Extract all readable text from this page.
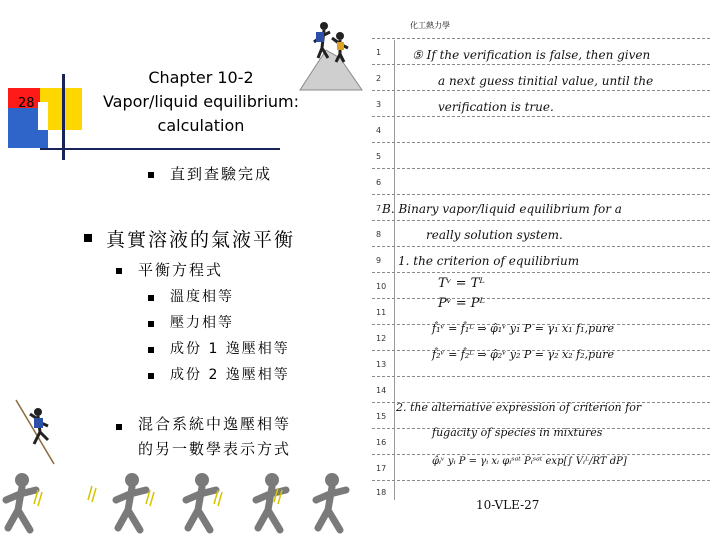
28
Chapter 10-2
Vapor/liquid equilibrium:
calculation
直到查驗完成
真實溶液的氣液平衡
平衡方程式
溫度相等
壓力相等
成份 1 逸壓相等
成份 2 逸壓相等
混合系統中逸壓相等
的另一數學表示方式
化工熱力學
1
2
3
4
5
6
7
8
9
10
11
12
13
14
15
16
17
18
⑤ If the verification is false, then given
a next guess tinitial value, until the
verification is true.
B. Binary vapor/liquid equilibrium for a
really solution system.
1. the criterion of equilibrium
Tᵛ = Tᴸ
Pᵛ = Pᴸ
f̂₁ᵛ = f̂₁ᴸ ⇒ φ̂₁ᵛ y₁ P = γ₁ x₁ f₁,pure
f̂₂ᵛ = f̂₂ᴸ ⇒ φ̂₂ᵛ y₂ P = γ₂ x₂ f₂,pure
2. the alternative expression of criterion for
fugacity of species in mixtures
φ̂ᵢᵛ yᵢ P = γᵢ xᵢ φᵢˢᵃᵗ Pᵢˢᵃᵗ exp[∫ Vᵢᴸ/RT dP]
10-VLE-27
